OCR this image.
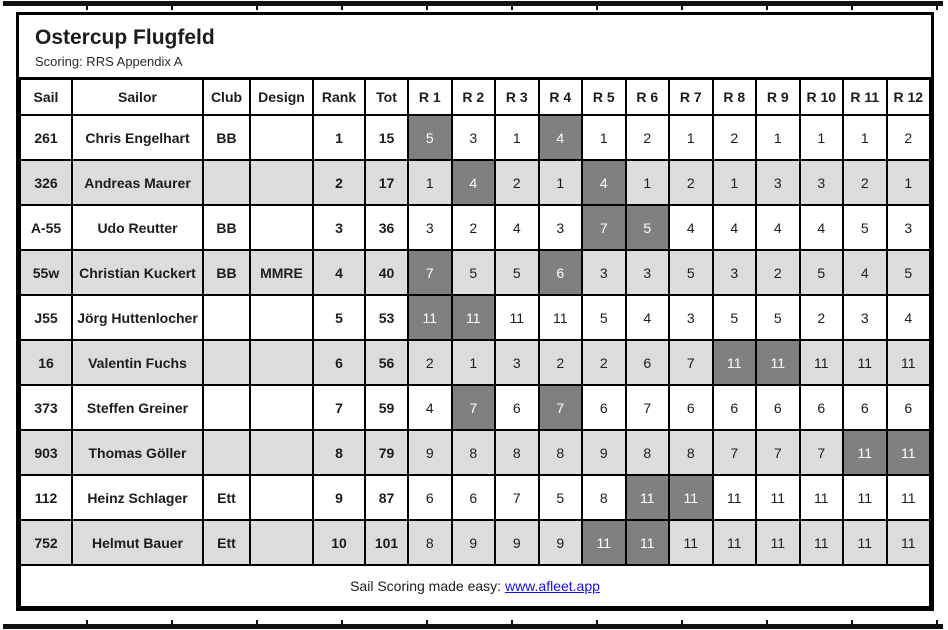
Ostercup Flugfeld
Scoring: RRS Appendix A
Sail	Sailor	Club	Design	Rank	Tot	R 1	R 2	R 3	R 4	R 5	R 6	R 7	R 8	R 9	R 10	R 11	R 12
261	Chris Engelhart	BB		1	15	5	3	1	4	1	2	1	2	1	1	1	2
326	Andreas Maurer			2	17	1	4	2	1	4	1	2	1	3	3	2	1
A-55	Udo Reutter	BB		3	36	3	2	4	3	7	5	4	4	4	4	5	3
55w	Christian Kuckert	BB	MMRE	4	40	7	5	5	6	3	3	5	3	2	5	4	5
J55	Jörg Huttenlocher			5	53	11	11	11	11	5	4	3	5	5	2	3	4
16	Valentin Fuchs			6	56	2	1	3	2	2	6	7	11	11	11	11	11
373	Steffen Greiner			7	59	4	7	6	7	6	7	6	6	6	6	6	6
903	Thomas Göller			8	79	9	8	8	8	9	8	8	7	7	7	11	11
112	Heinz Schlager	Ett		9	87	6	6	7	5	8	11	11	11	11	11	11	11
752	Helmut Bauer	Ett		10	101	8	9	9	9	11	11	11	11	11	11	11	11
Sail Scoring made easy: www.afleet.app																	
